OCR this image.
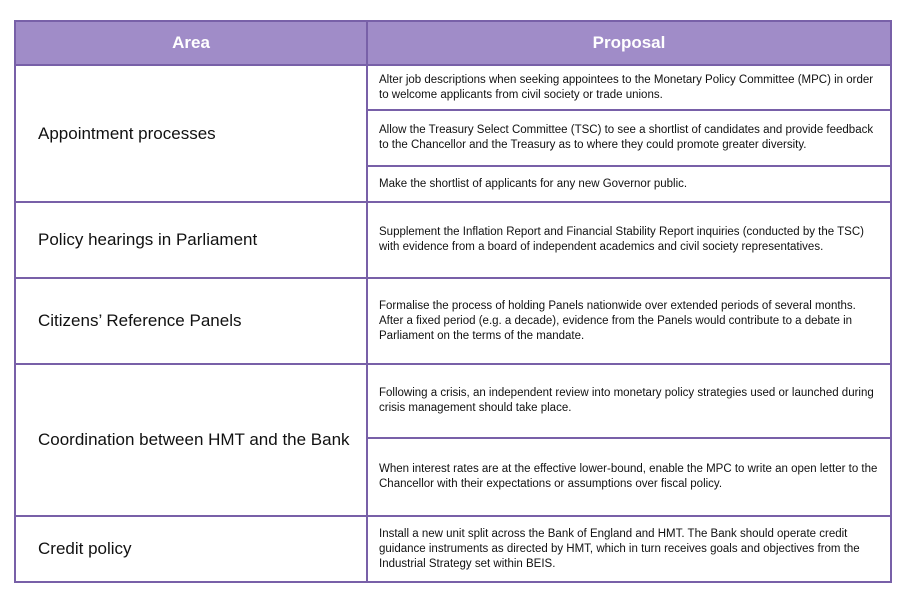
Area	Proposal
Appointment processes	Alter job descriptions when seeking appointees to the Monetary Policy Committee (MPC) in order to welcome applicants from civil society or trade unions.
	Allow the Treasury Select Committee (TSC) to see a shortlist of candidates and provide feedback to the Chancellor and the Treasury as to where they could promote greater diversity.
	Make the shortlist of applicants for any new Governor public.
Policy hearings in Parliament	Supplement the Inflation Report and Financial Stability Report inquiries (conducted by the TSC) with evidence from a board of independent academics and civil society representatives.
Citizens’ Reference Panels	Formalise the process of holding Panels nationwide over extended periods of several months. After a fixed period (e.g. a decade), evidence from the Panels would contribute to a debate in Parliament on the terms of the mandate.
Coordination between HMT and the Bank	Following a crisis, an independent review into monetary policy strategies used or launched during crisis management should take place.
	When interest rates are at the effective lower-bound, enable the MPC to write an open letter to the Chancellor with their expectations or assumptions over fiscal policy.
Credit policy	Install a new unit split across the Bank of England and HMT. The Bank should operate credit guidance instruments as directed by HMT, which in turn receives goals and objectives from the Industrial Strategy set within BEIS.
